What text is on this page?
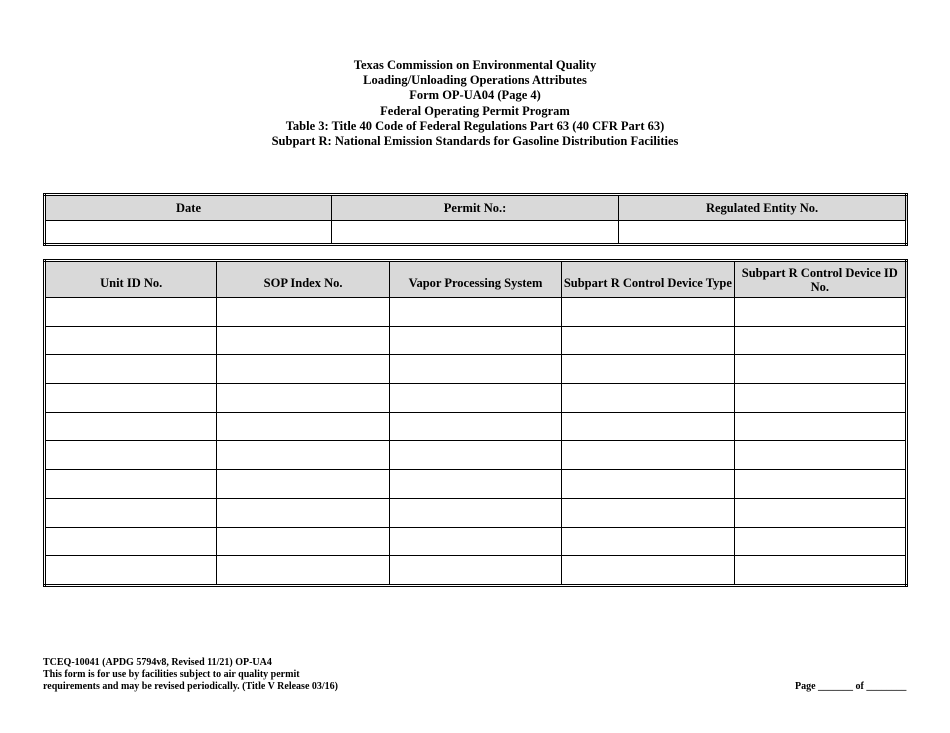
Texas Commission on Environmental Quality
Loading/Unloading Operations Attributes
Form OP-UA04 (Page 4)
Federal Operating Permit Program
Table 3: Title 40 Code of Federal Regulations Part 63 (40 CFR Part 63)
Subpart R: National Emission Standards for Gasoline Distribution Facilities
Date	Permit No.:	Regulated Entity No.

Unit ID No.	SOP Index No.	Vapor Processing System	Subpart R Control Device Type	Subpart R Control Device ID No.

TCEQ-10041 (APDG 5794v8, Revised 11/21) OP-UA4
This form is for use by facilities subject to air quality permit
requirements and may be revised periodically. (Title V Release 03/16)	Page _______ of ________
